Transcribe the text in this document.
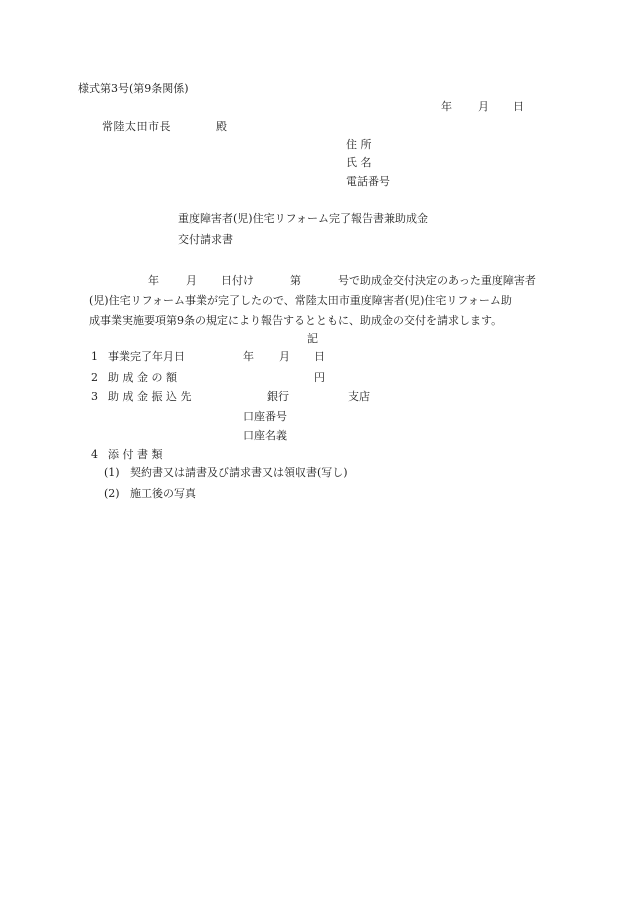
様式第3号(第9条関係)
年 月 日
常陸太田市長	殿
住 所
氏 名
電話番号
重度障害者(児)住宅リフォーム完了報告書兼助成金
交付請求書
年 月 日付け	第	号で助成金交付決定のあった重度障害者
(児)住宅リフォーム事業が完了したので、常陸太田市重度障害者(児)住宅リフォーム助
成事業実施要項第9条の規定により報告するとともに、助成金の交付を請求します。
記
1 事業完了年月日	年 月 日
2 助 成 金 の 額	円
3 助 成 金 振 込 先	銀行	支店
口座番号
口座名義
4 添 付 書 類
(1) 契約書又は請書及び請求書又は領収書(写し)
(2) 施工後の写真
